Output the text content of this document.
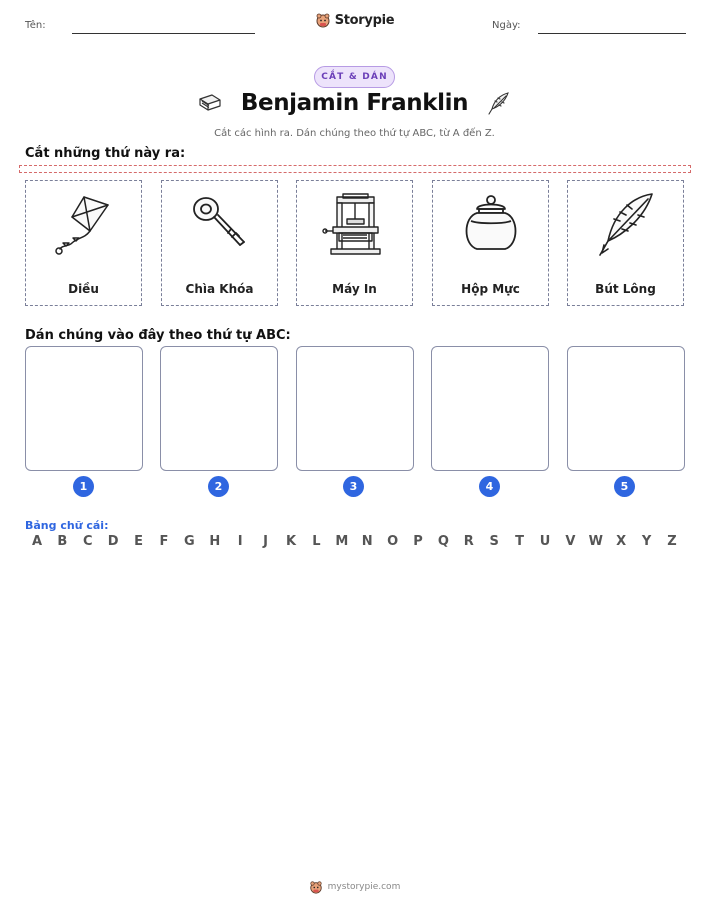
Tên:	Storypie	Ngày:
CẮT & DÁN
Benjamin Franklin
Cắt các hình ra. Dán chúng theo thứ tự ABC, từ A đến Z.
Cắt những thứ này ra:
Diều	Chìa Khóa	Máy In	Hộp Mực	Bút Lông
Dán chúng vào đây theo thứ tự ABC:
1	2	3	4	5
Bảng chữ cái:
A	B	C	D	E	F	G	H	I	J	K	L	M	N	O	P	Q	R	S	T	U	V	W	X	Y	Z
mystorypie.com
